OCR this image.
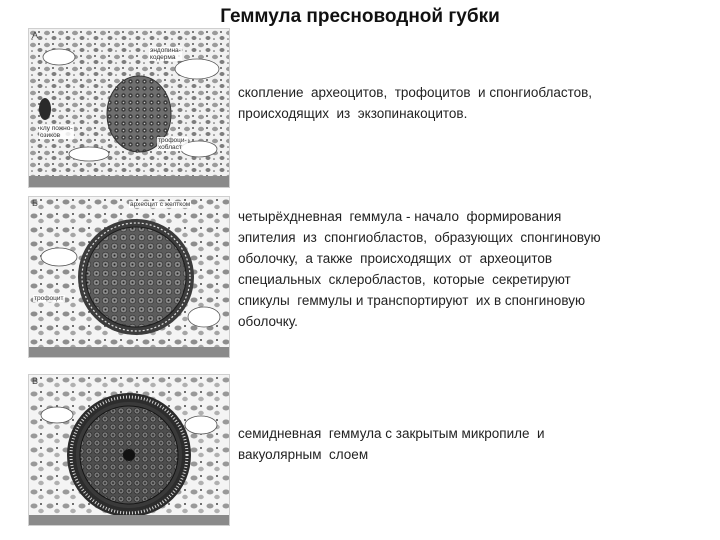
Геммула пресноводной губки
А
эндопина-
кодерма
клу пожно-
озиков
трофоци-
хобласт
скопление  археоцитов,  трофоцитов  и спонгиобластов,
происходящих  из  экзопинакоцитов.
Б	археоцит с желтком
трофоцит
четырёхдневная  геммула - начало  формирования
эпителия  из  спонгиобластов,  образующих  спонгиновую
оболочку,  а также  происходящих  от  археоцитов
специальных  склеробластов,  которые  секретируют
спикулы  геммулы и транспортируют  их в спонгиновую
оболочку.
В
семидневная  геммула с закрытым микропиле  и
вакуолярным  слоем
